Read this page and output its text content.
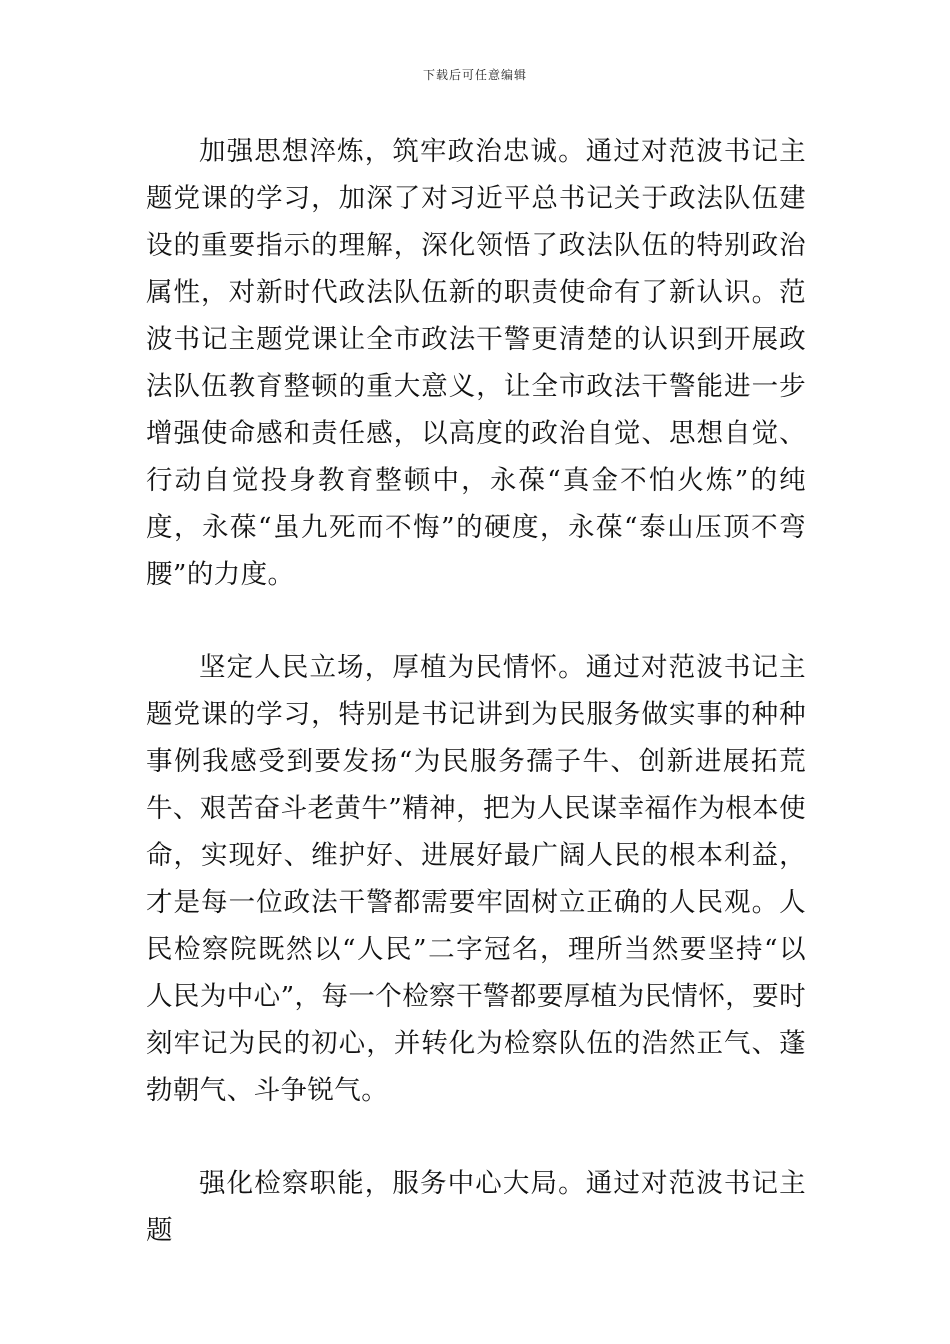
下载后可任意编辑

加强思想淬炼，筑牢政治忠诚。通过对范波书记主题党课的学习，加深了对习近平总书记关于政法队伍建设的重要指示的理解，深化领悟了政法队伍的特别政治属性，对新时代政法队伍新的职责使命有了新认识。范波书记主题党课让全市政法干警更清楚的认识到开展政法队伍教育整顿的重大意义，让全市政法干警能进一步增强使命感和责任感，以高度的政治自觉、思想自觉、行动自觉投身教育整顿中，永葆“真金不怕火炼”的纯度，永葆“虽九死而不悔”的硬度，永葆“泰山压顶不弯腰”的力度。

坚定人民立场，厚植为民情怀。通过对范波书记主题党课的学习，特别是书记讲到为民服务做实事的种种事例我感受到要发扬“为民服务孺子牛、创新进展拓荒牛、艰苦奋斗老黄牛”精神，把为人民谋幸福作为根本使命，实现好、维护好、进展好最广阔人民的根本利益，才是每一位政法干警都需要牢固树立正确的人民观。人民检察院既然以“人民”二字冠名，理所当然要坚持“以人民为中心”，每一个检察干警都要厚植为民情怀，要时刻牢记为民的初心，并转化为检察队伍的浩然正气、蓬勃朝气、斗争锐气。

强化检察职能，服务中心大局。通过对范波书记主题
